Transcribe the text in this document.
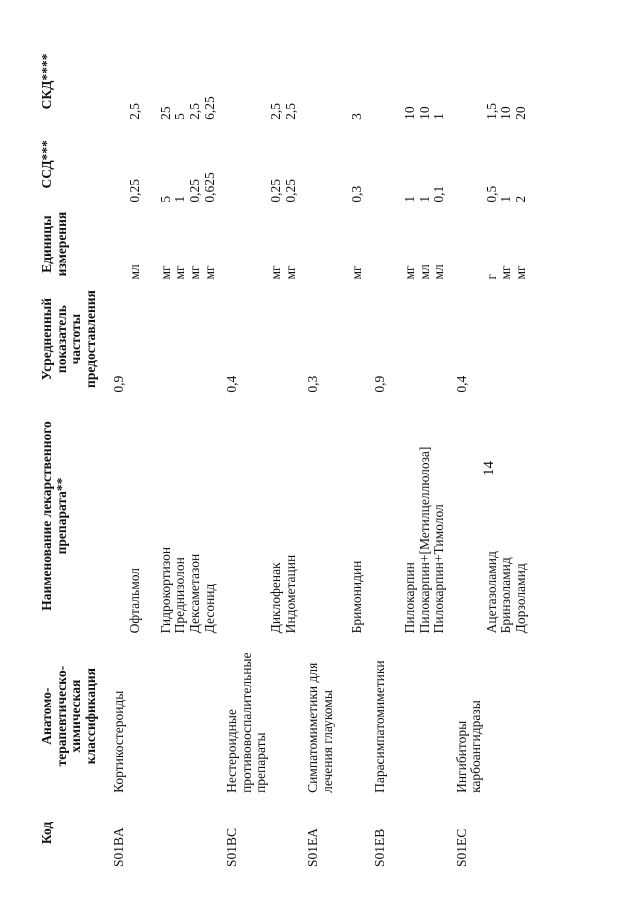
14
Код	Анатомо-терапевтическо-химическая классификация	Наименование лекарственного препарата**	Усредненный показатель частоты предоставления	Единицы измерения	ССД***	СКД****
S01BA	Кортикостероиды	Офтальмол Гидрокортизон Преднизолон Дексаметазон Десонид	0,9	мл мг мг мг мг	0,25 5 1 0,25 0,625	2,5 25 5 2,5 6,25

S01BC	Нестероидные противовоспалительные препараты	Диклофенак Индометацин	0,4	мг мг	0,25 0,25	2,5 2,5

S01EA	Симпатомиметики для лечения глаукомы	Бримонидин	0,3	мг	0,3	3

S01EB	Парасимпатомиметики	Пилокарпин Пилокарпин+[Метилцеллюлоза] Пилокарпин+Тимолол	0,9	мг мл мл	1 1 0,1	10 10 1

S01EC	Ингибиторы карбоангидразы	Ацетазоламид Бринзоламид Дорзоламид	0,4	г мг мг	0,5 1 2	1,5 10 20
